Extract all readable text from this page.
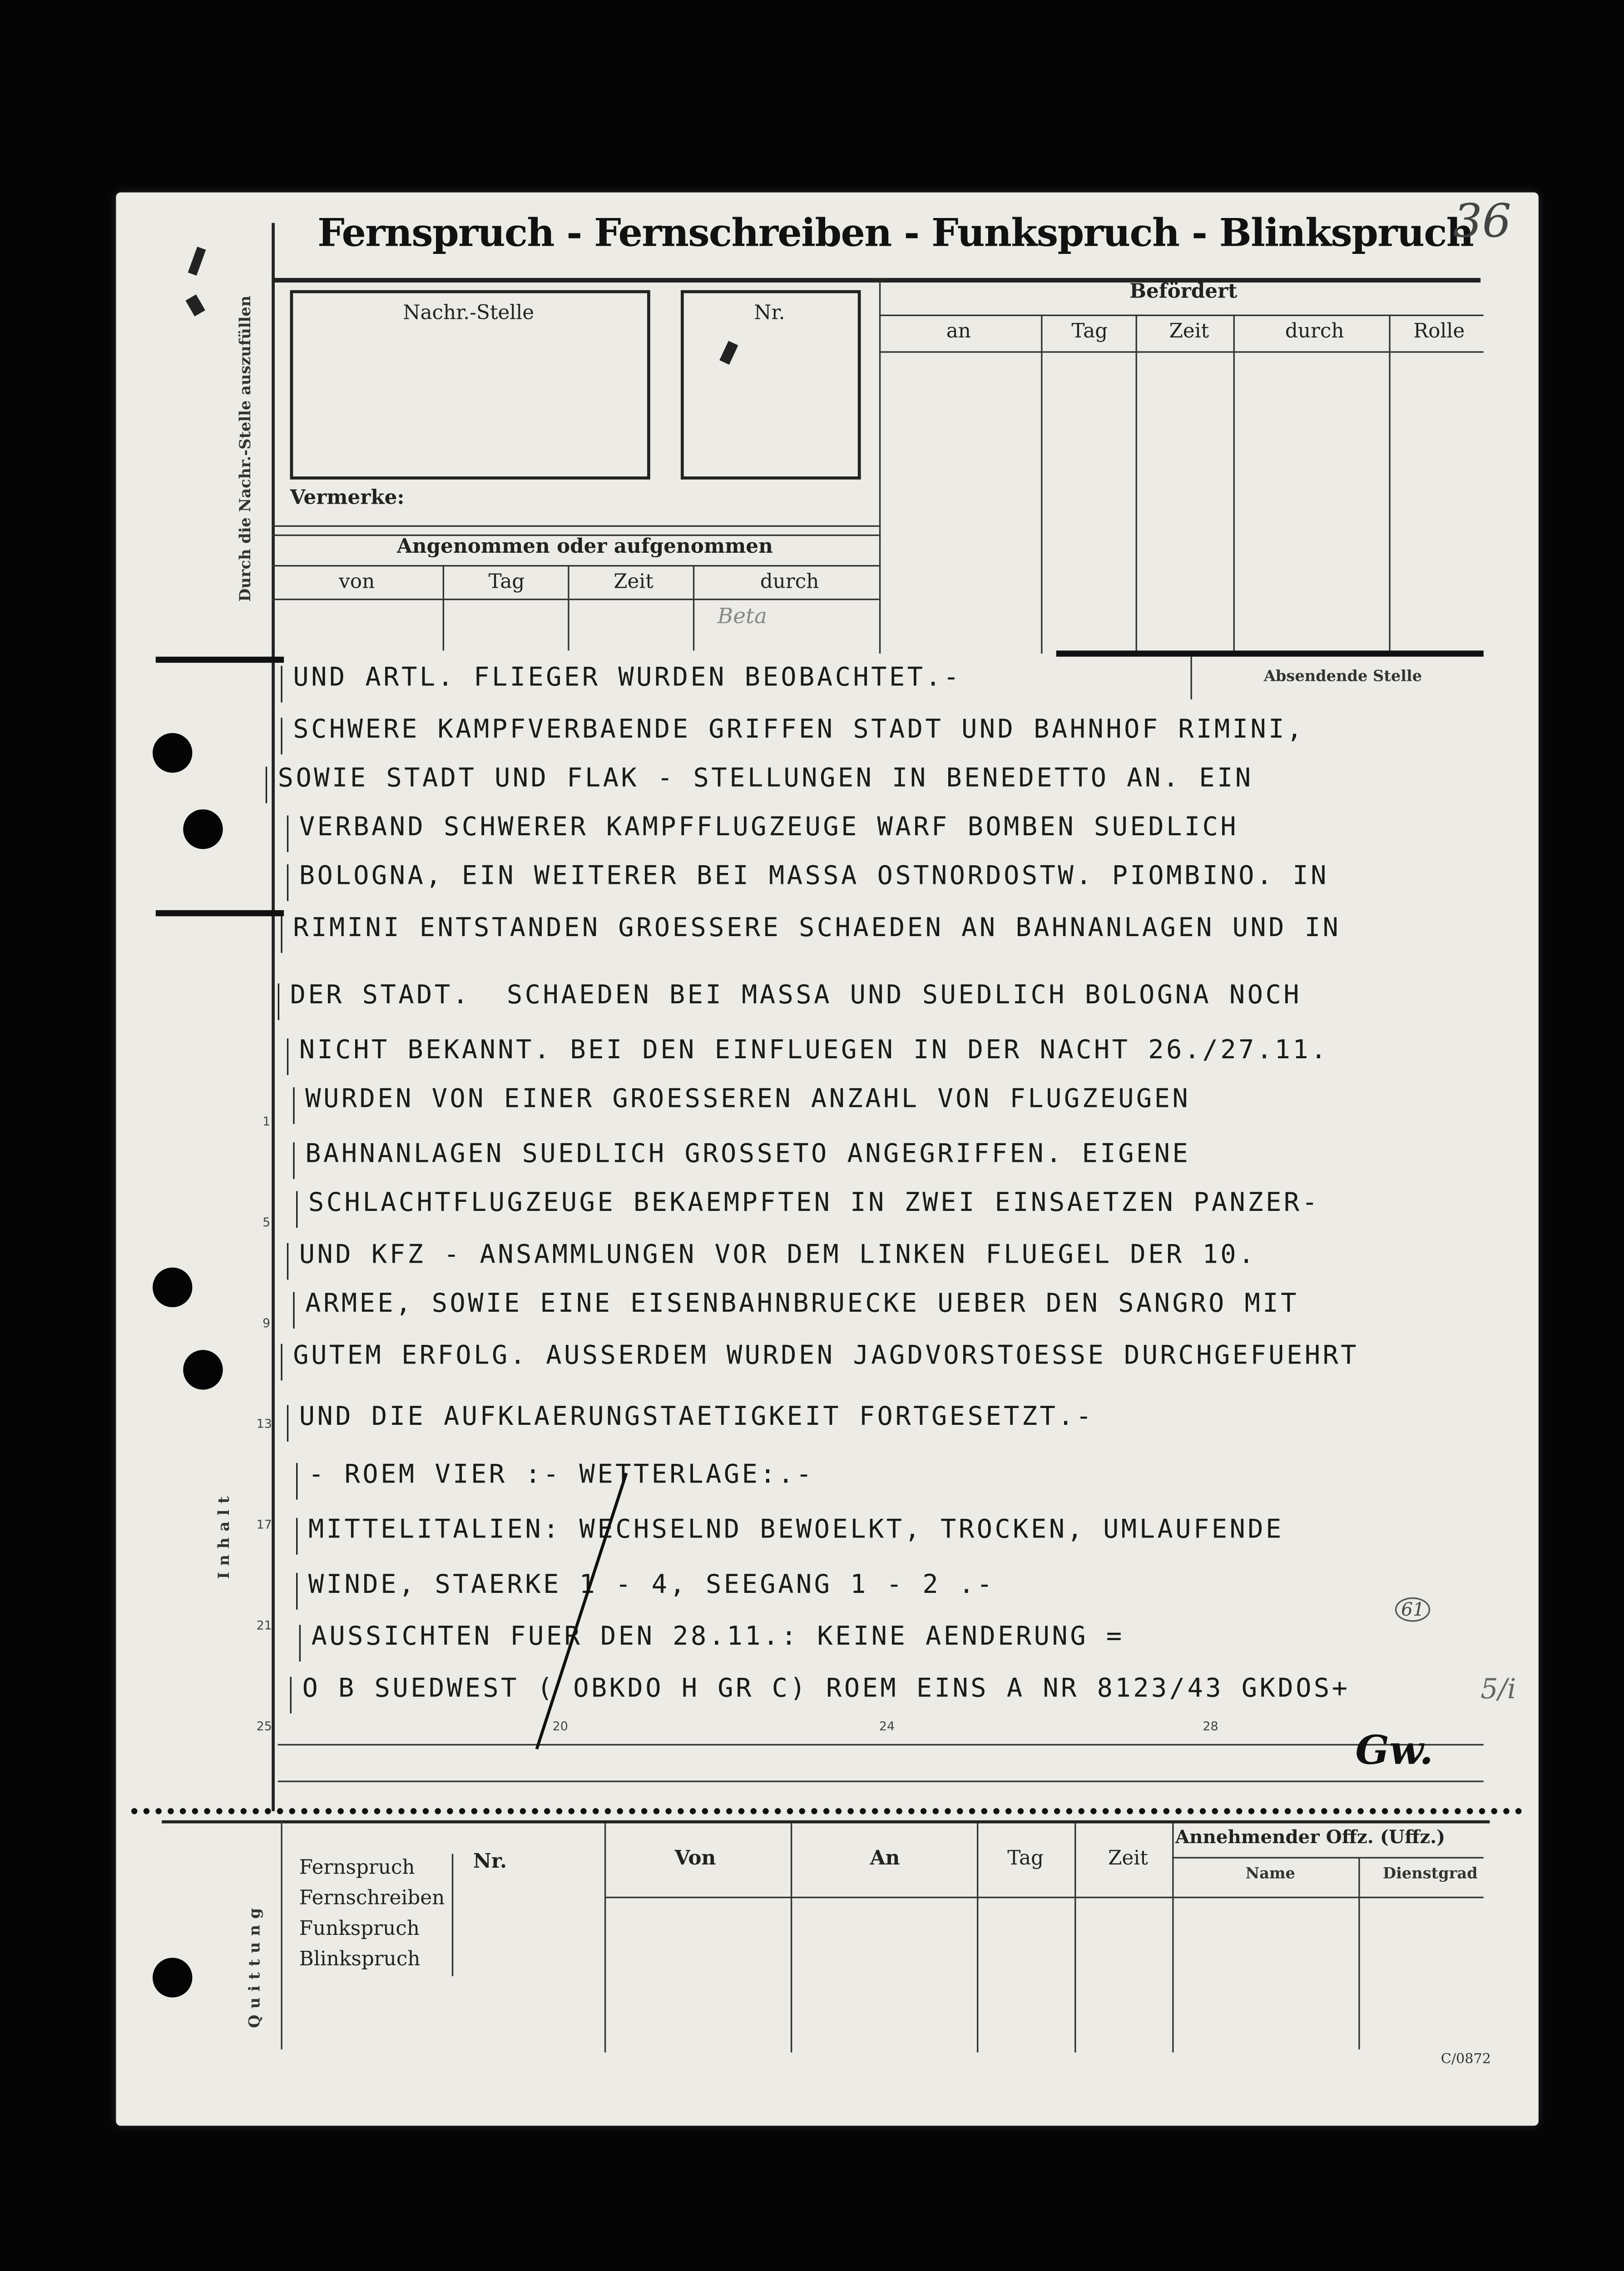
Fernspruch - Fernschreiben - Funkspruch - Blinkspruch
36
Durch die Nachr.-Stelle auszufüllen	Nachr.-Stelle	Nr.
Vermerke:
Angenommen oder aufgenommen
von	Tag	Zeit	durch
Beta
Befördert
an	Tag	Zeit	durch	Rolle
Absendende Stelle
UND ARTL. FLIEGER WURDEN BEOBACHTET.-
SCHWERE KAMPFVERBAENDE GRIFFEN STADT UND BAHNHOF RIMINI,
SOWIE STADT UND FLAK - STELLUNGEN IN BENEDETTO AN. EIN
VERBAND SCHWERER KAMPFFLUGZEUGE WARF BOMBEN SUEDLICH
BOLOGNA, EIN WEITERER BEI MASSA OSTNORDOSTW. PIOMBINO. IN
RIMINI ENTSTANDEN GROESSERE SCHAEDEN AN BAHNANLAGEN UND IN
DER STADT.  SCHAEDEN BEI MASSA UND SUEDLICH BOLOGNA NOCH
NICHT BEKANNT. BEI DEN EINFLUEGEN IN DER NACHT 26./27.11.
WURDEN VON EINER GROESSEREN ANZAHL VON FLUGZEUGEN
BAHNANLAGEN SUEDLICH GROSSETO ANGEGRIFFEN. EIGENE
SCHLACHTFLUGZEUGE BEKAEMPFTEN IN ZWEI EINSAETZEN PANZER-
UND KFZ - ANSAMMLUNGEN VOR DEM LINKEN FLUEGEL DER 10.
ARMEE, SOWIE EINE EISENBAHNBRUECKE UEBER DEN SANGRO MIT
GUTEM ERFOLG. AUSSERDEM WURDEN JAGDVORSTOESSE DURCHGEFUEHRT
UND DIE AUFKLAERUNGSTAETIGKEIT FORTGESETZT.-
- ROEM VIER :- WETTERLAGE:.-
MITTELITALIEN: WECHSELND BEWOELKT, TROCKEN, UMLAUFENDE
WINDE, STAERKE 1 - 4, SEEGANG 1 - 2 .-
AUSSICHTEN FUER DEN 28.11.: KEINE AENDERUNG =
O B SUEDWEST ( OBKDO H GR C) ROEM EINS A NR 8123/43 GKDOS+
1
5
9
13
17
21
25	20	24	28
Inhalt
61
5/i
Gw.
Quittung
Fernspruch
Fernschreiben
Funkspruch
Blinkspruch
Nr.	Von	An	Tag	Zeit
Annehmender Offz. (Uffz.)
Name	Dienstgrad
C/0872
